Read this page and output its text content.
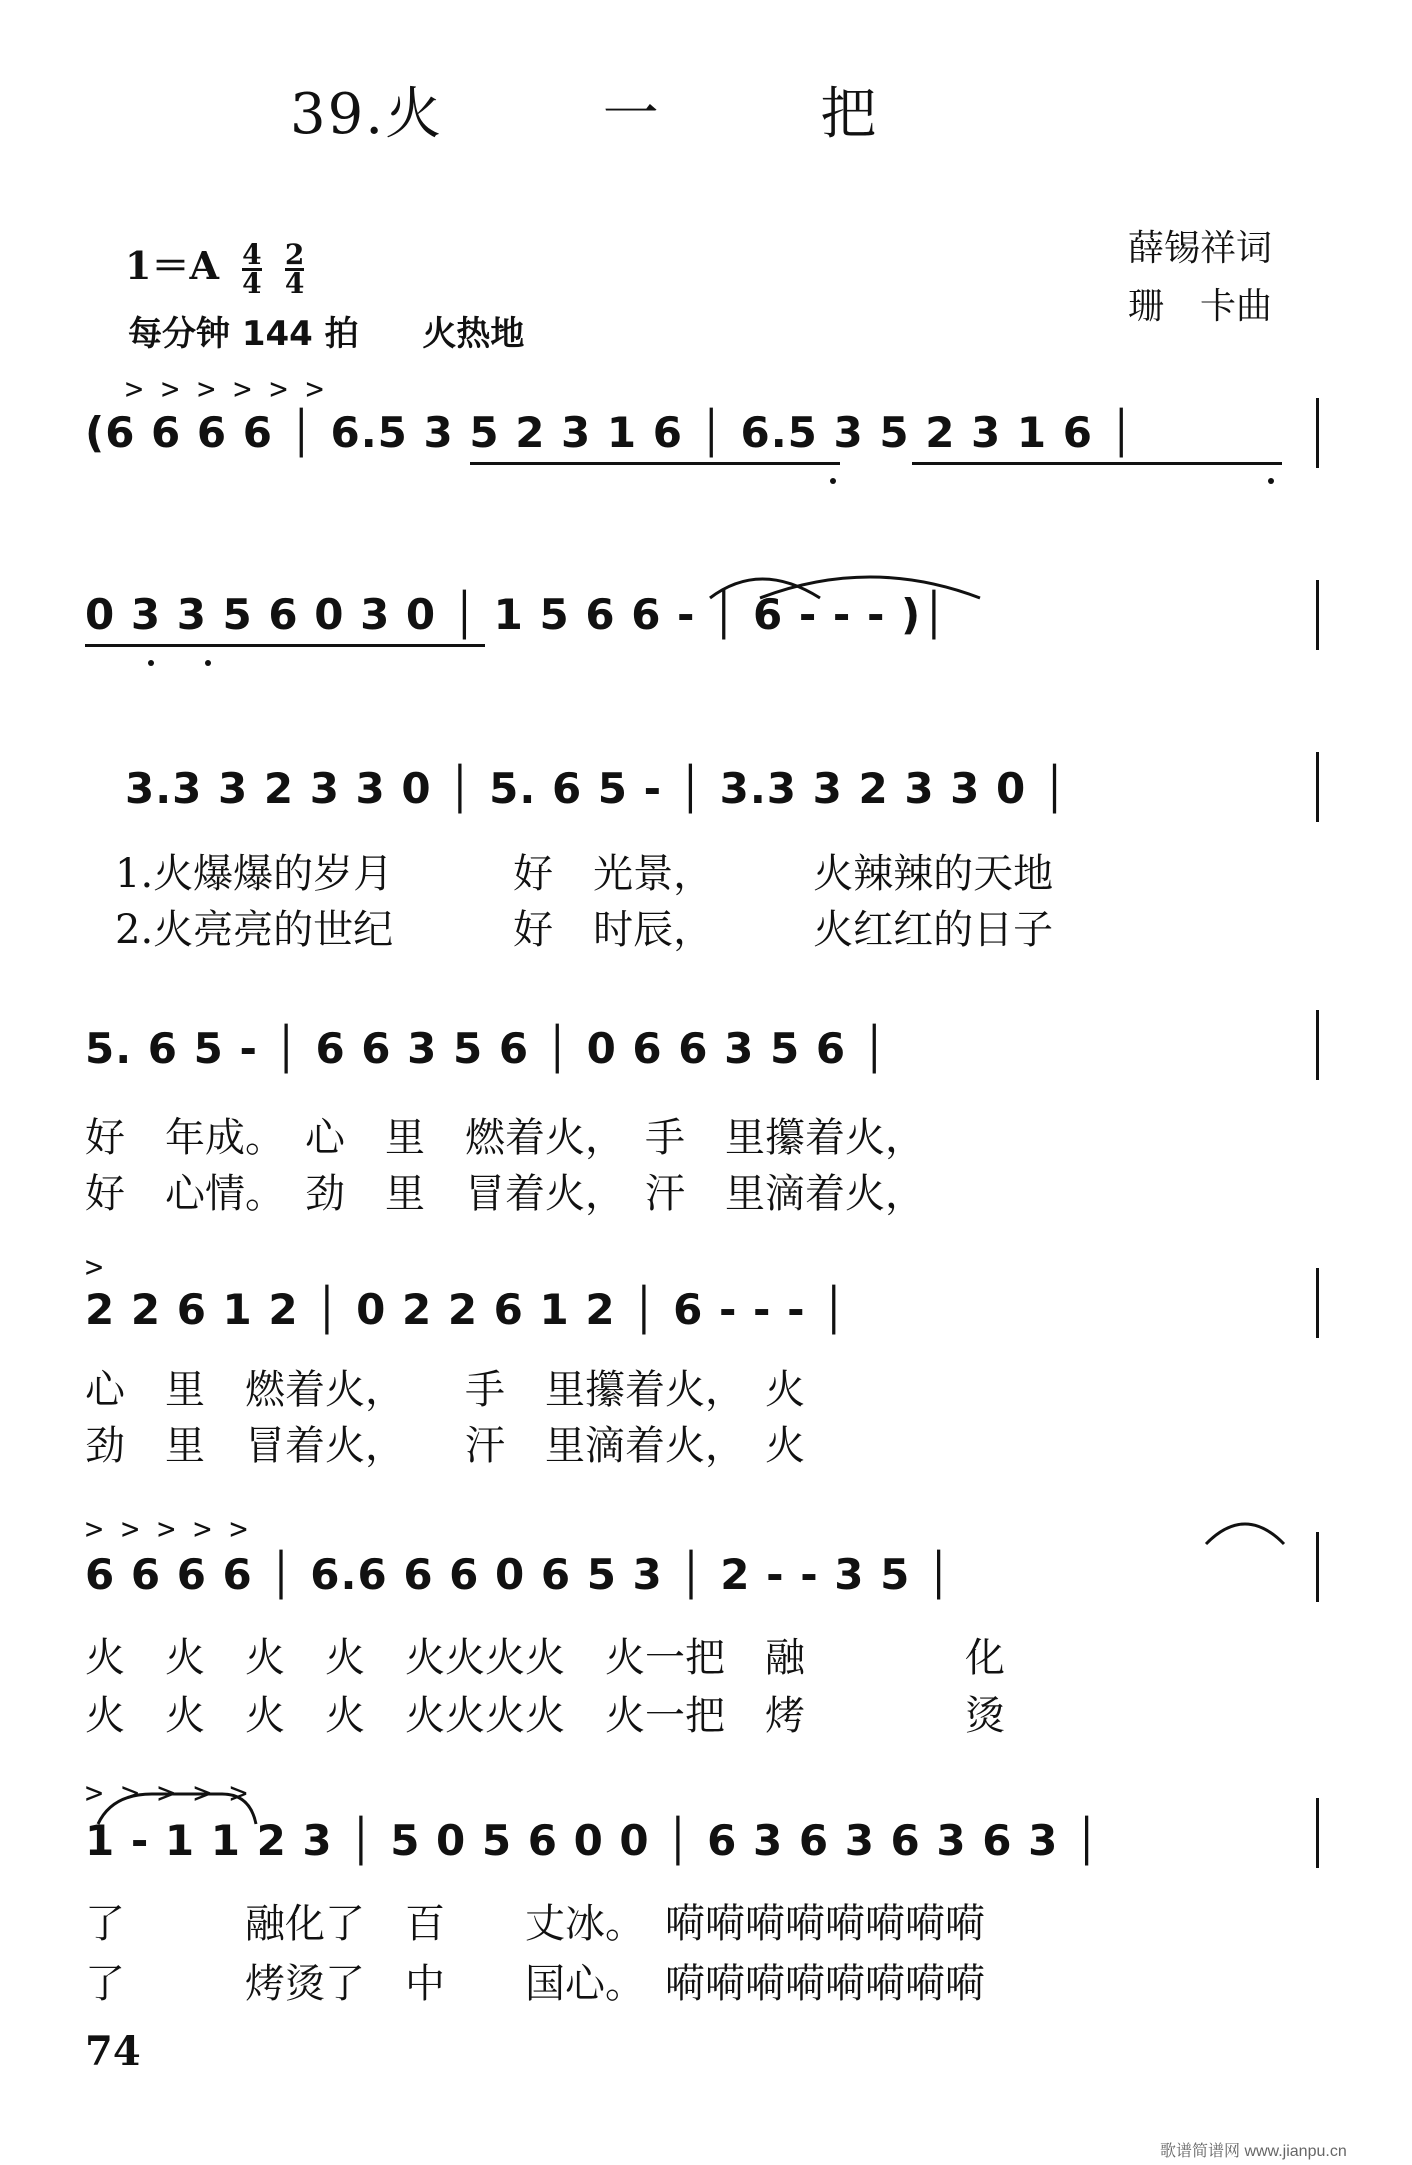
39.火	一	把
$1=A \frac{4}{4}$
$\frac{2}{4}$
每分钟 144 拍 火热地
薛锡祥词
珊　卡曲
> > > > > >
(6 6 6 6 │ 6.5 3 5 2 3 1 6 │ 6.5 3 5 2 3 1 6 │
0 3 3 5 6 0 3 0 │ 1 5 6 6 - │ 6 - - - )│
3.3 3 2 3 3 0 │ 5. 6 5 - │ 3.3 3 2 3 3 0 │
1.火爆爆的岁月　　　好　光景，　　　火辣辣的天地
2.火亮亮的世纪　　　好　时辰，　　　火红红的日子
5. 6 5 - │ 6 6 3 5 6 │ 0 6 6 3 5 6 │
好　年成。　心　里　燃着火，　手　里攥着火，
好　心情。　劲　里　冒着火，　汗　里滴着火，
>
2 2 6 1 2 │ 0 2 2 6 1 2 │ 6 - - - │
心　里　燃着火，　　手　里攥着火，　火
劲　里　冒着火，　　汗　里滴着火，　火
> > > > >
6 6 6 6 │ 6.6 6 6 0 6 5 3 │ 2 - - 3 5 │
火　火　火　火　火火火火　火一把　融　　　　化
火　火　火　火　火火火火　火一把　烤　　　　烫
> > > > >
1 - 1 1 2 3 │ 5 0 5 6 0 0 │ 6 3 6 3 6 3 6 3 │
了　　　融化了　百　　丈冰。　嗬嗬嗬嗬嗬嗬嗬嗬
了　　　烤烫了　中　　国心。　嗬嗬嗬嗬嗬嗬嗬嗬
74
歌谱简谱网 www.jianpu.cn
